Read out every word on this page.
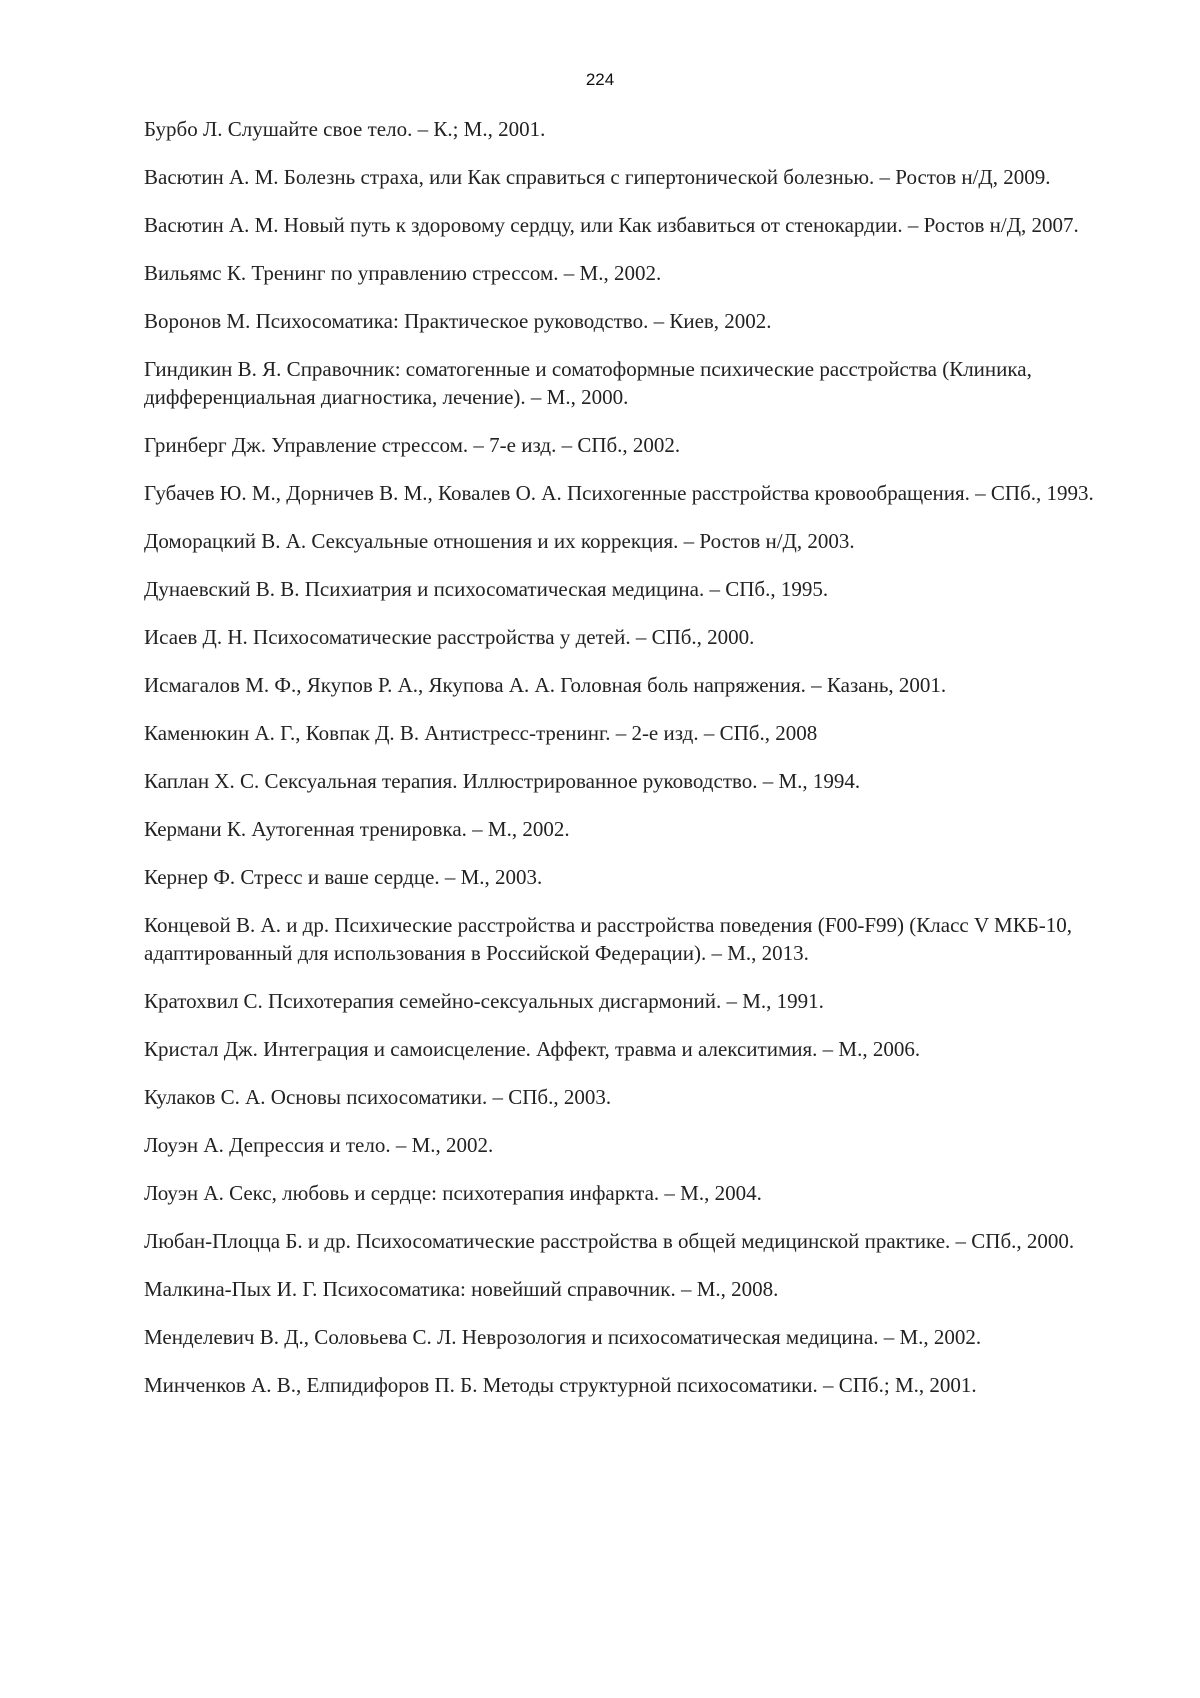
224
Бурбо Л. Слушайте свое тело. – К.; М., 2001.
Васютин А. М. Болезнь страха, или Как справиться с гипертонической болезнью. – Ростов н/Д, 2009.
Васютин А. М. Новый путь к здоровому сердцу, или Как избавиться от стенокардии. – Ростов н/Д, 2007.
Вильямс К. Тренинг по управлению стрессом. – М., 2002.
Воронов М. Психосоматика: Практическое руководство. – Киев, 2002.
Гиндикин В. Я. Справочник: соматогенные и соматоформные психические расстройства (Клиника, дифференциальная диагностика, лечение). – М., 2000.
Гринберг Дж. Управление стрессом. – 7-е изд. – СПб., 2002.
Губачев Ю. М., Дорничев В. М., Ковалев О. А. Психогенные расстройства кровообращения. – СПб., 1993.
Доморацкий В. А. Сексуальные отношения и их коррекция. – Ростов н/Д, 2003.
Дунаевский В. В. Психиатрия и психосоматическая медицина. – СПб., 1995.
Исаев Д. Н. Психосоматические расстройства у детей. – СПб., 2000.
Исмагалов М. Ф., Якупов Р. А., Якупова А. А. Головная боль напряжения. – Казань, 2001.
Каменюкин А. Г., Ковпак Д. В. Антистресс-тренинг. – 2-е изд. – СПб., 2008
Каплан Х. С. Сексуальная терапия. Иллюстрированное руководство. – М., 1994.
Кермани К. Аутогенная тренировка. – М., 2002.
Кернер Ф. Стресс и ваше сердце. – М., 2003.
Концевой В. А. и др. Психические расстройства и расстройства поведения (F00-F99) (Класс V МКБ-10, адаптированный для использования в Российской Федерации). – М., 2013.
Кратохвил С. Психотерапия семейно-сексуальных дисгармоний. – М., 1991.
Кристал Дж. Интеграция и самоисцеление. Аффект, травма и алекситимия. – М., 2006.
Кулаков С. А. Основы психосоматики. – СПб., 2003.
Лоуэн А. Депрессия и тело. – М., 2002.
Лоуэн А. Секс, любовь и сердце: психотерапия инфаркта. – М., 2004.
Любан-Плоцца Б. и др. Психосоматические расстройства в общей медицинской практике. – СПб., 2000.
Малкина-Пых И. Г. Психосоматика: новейший справочник. – М., 2008.
Менделевич В. Д., Соловьева С. Л. Неврозология и психосоматическая медицина. – М., 2002.
Минченков А. В., Елпидифоров П. Б. Методы структурной психосоматики. – СПб.; М., 2001.
